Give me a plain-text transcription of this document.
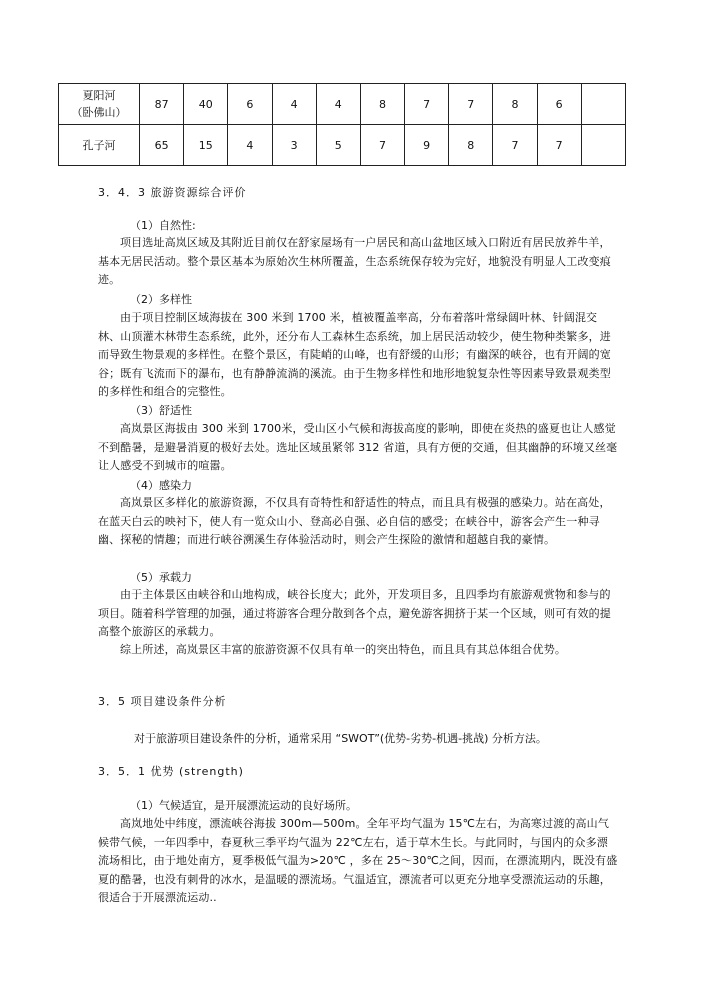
夏阳河
（卧佛山）	87	40	6	4	4	8	7	7	8	6	

孔子河	65	15	4	3	5	7	9	8	7	7	
3．4．3 旅游资源综合评价
（1）自然性:

项目选址高岚区域及其附近目前仅在舒家屋场有一户居民和高山盆地区域入口附近有居民放养牛羊，基本无居民活动。整个景区基本为原始次生林所覆盖，生态系统保存较为完好，地貌没有明显人工改变痕迹。

（2）多样性

由于项目控制区域海拔在 300 米到 1700 米，植被覆盖率高，分布着落叶常绿阔叶林、针阔混交林、山顶灌木林带生态系统，此外，还分布人工森林生态系统，加上居民活动较少，使生物种类繁多，进而导致生物景观的多样性。在整个景区，有陡峭的山峰，也有舒缓的山形；有幽深的峡谷，也有开阔的宽谷；既有飞流而下的瀑布，也有静静流淌的溪流。由于生物多样性和地形地貌复杂性等因素导致景观类型的多样性和组合的完整性。

（3）舒适性

高岚景区海拔由 300 米到 1700米，受山区小气候和海拔高度的影响，即使在炎热的盛夏也让人感觉不到酷暑，是避暑消夏的极好去处。选址区域虽紧邻 312 省道，具有方便的交通，但其幽静的环境又丝毫让人感受不到城市的喧嚣。

（4）感染力

高岚景区多样化的旅游资源，不仅具有奇特性和舒适性的特点，而且具有极强的感染力。站在高处，在蓝天白云的映衬下，使人有一览众山小、登高必自强、必自信的感受；在峡谷中，游客会产生一种寻幽、探秘的情趣；而进行峡谷溯溪生存体验活动时，则会产生探险的激情和超越自我的豪情。

（5）承载力

由于主体景区由峡谷和山地构成，峡谷长度大；此外，开发项目多，且四季均有旅游观赏物和参与的项目。随着科学管理的加强，通过将游客合理分散到各个点，避免游客拥挤于某一个区域，则可有效的提高整个旅游区的承载力。

综上所述，高岚景区丰富的旅游资源不仅具有单一的突出特色，而且具有其总体组合优势。

3．5 项目建设条件分析
对于旅游项目建设条件的分析，通常采用 “SWOT”(优势-劣势-机遇-挑战) 分析方法。
3．5．1 优势 (strength)
（1）气候适宜，是开展漂流运动的良好场所。

高岚地处中纬度，漂流峡谷海拔 300m—500m。全年平均气温为 15℃左右，为高寒过渡的高山气候带气候，一年四季中，春夏秋三季平均气温为 22℃左右，适于草木生长。与此同时，与国内的众多漂流场相比，由于地处南方，夏季极低气温为>20℃ ，多在 25～30℃之间，因而，在漂流期内，既没有盛夏的酷暑，也没有刺骨的冰水，是温暖的漂流场。气温适宜，漂流者可以更充分地享受漂流运动的乐趣，很适合于开展漂流运动..
